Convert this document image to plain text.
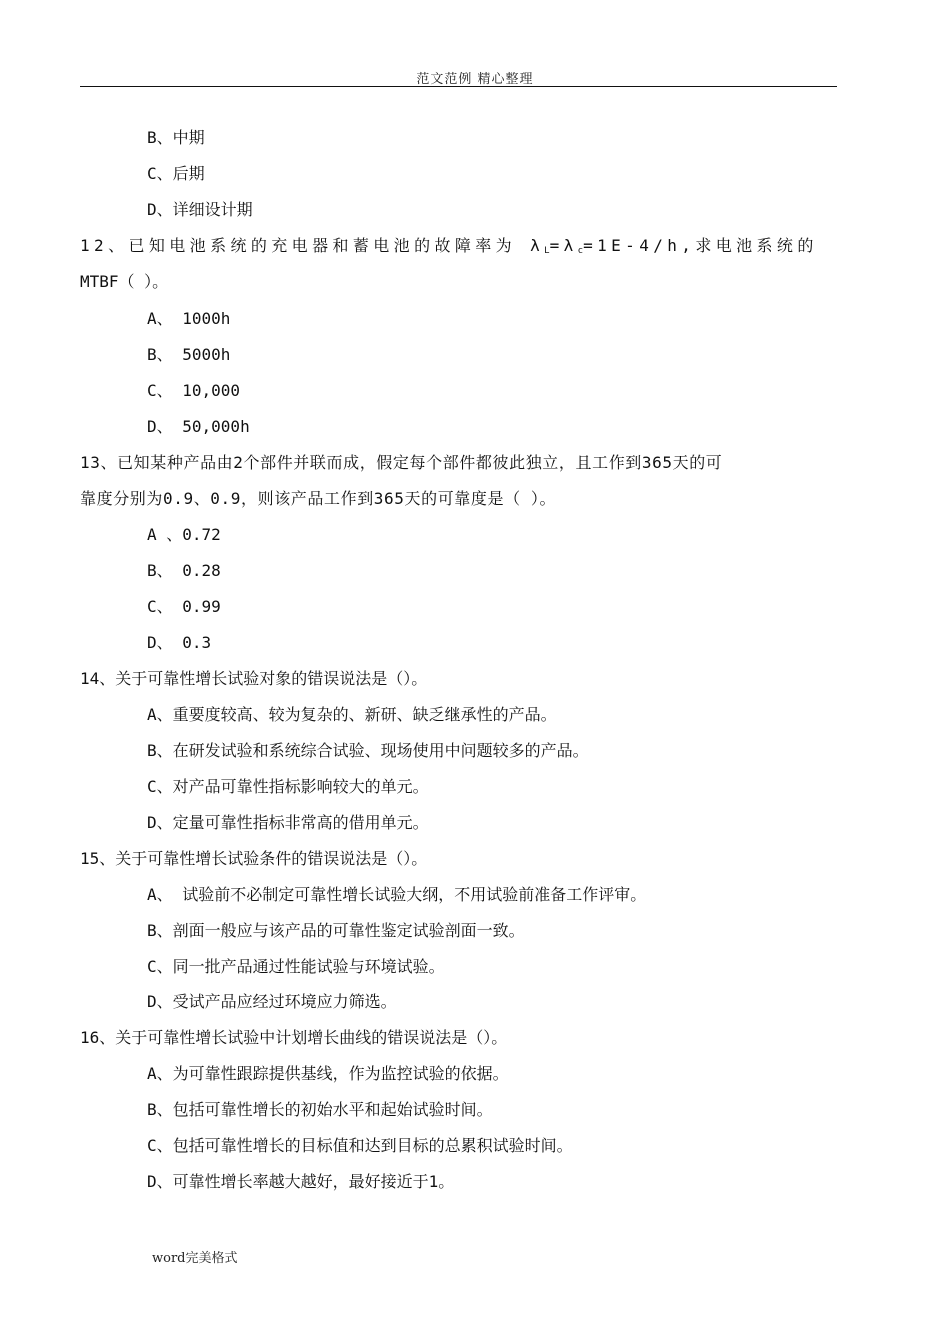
范文范例 精心整理
B、中期
C、后期
D、详细设计期
12、已知电池系统的充电器和蓄电池的故障率为 $\lambda_L=\lambda_c=1E-4/h$,求电池系统的
MTBF（ ）。
A、 1000h
B、 5000h
C、 10,000
D、 50,000h
13、已知某种产品由2个部件并联而成，假定每个部件都彼此独立，且工作到365天的可
靠度分别为0.9、0.9，则该产品工作到365天的可靠度是（ ）。
A 、0.72
B、 0.28
C、 0.99
D、 0.3
14、关于可靠性增长试验对象的错误说法是（）。
A、重要度较高、较为复杂的、新研、缺乏继承性的产品。
B、在研发试验和系统综合试验、现场使用中问题较多的产品。
C、对产品可靠性指标影响较大的单元。
D、定量可靠性指标非常高的借用单元。
15、关于可靠性增长试验条件的错误说法是（）。
A、 试验前不必制定可靠性增长试验大纲，不用试验前准备工作评审。
B、剖面一般应与该产品的可靠性鉴定试验剖面一致。
C、同一批产品通过性能试验与环境试验。
D、受试产品应经过环境应力筛选。
16、关于可靠性增长试验中计划增长曲线的错误说法是（）。
A、为可靠性跟踪提供基线，作为监控试验的依据。
B、包括可靠性增长的初始水平和起始试验时间。
C、包括可靠性增长的目标值和达到目标的总累积试验时间。
D、可靠性增长率越大越好，最好接近于1。
word完美格式
